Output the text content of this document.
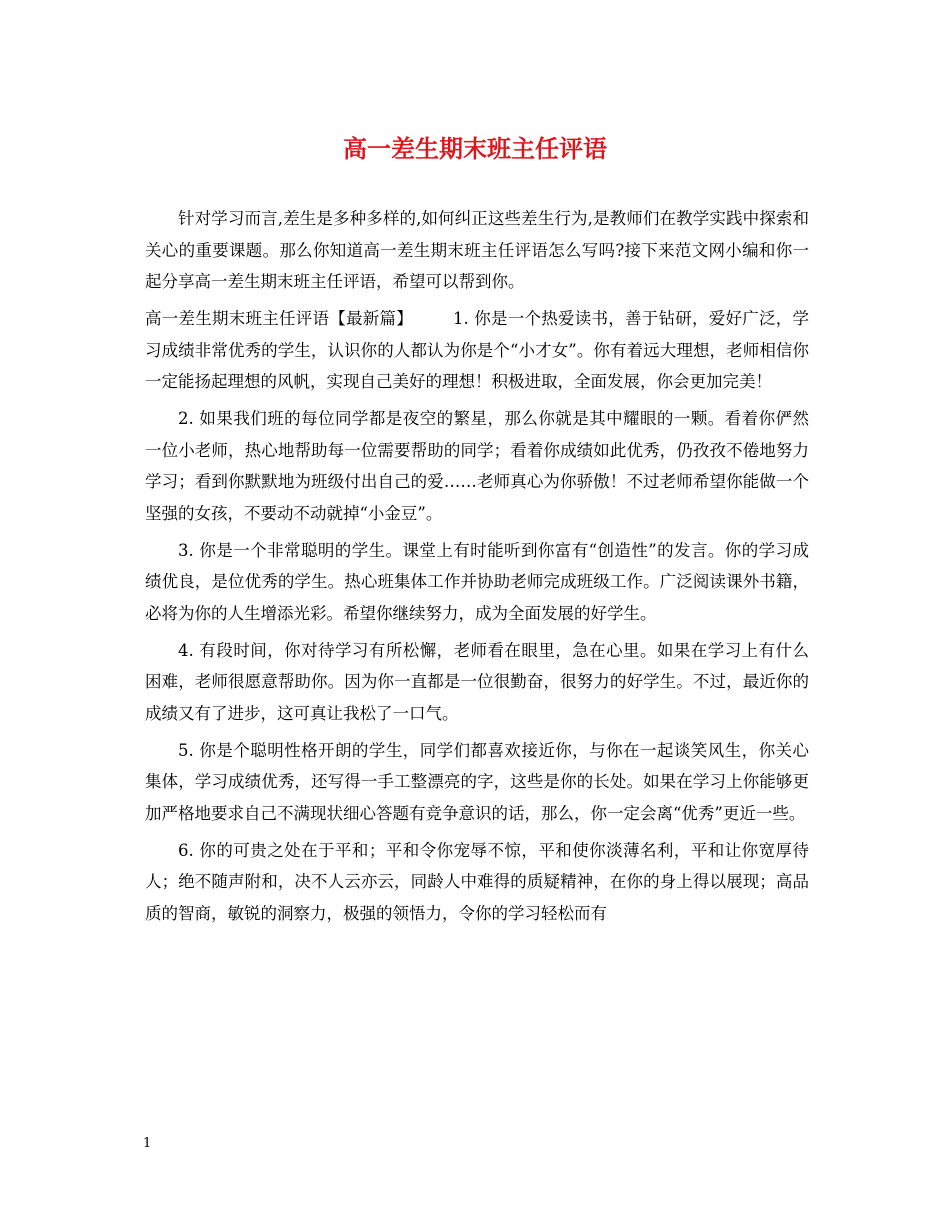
高一差生期末班主任评语

针对学习而言,差生是多种多样的,如何纠正这些差生行为,是教师们在教学实践中探索和关心的重要课题。那么你知道高一差生期末班主任评语怎么写吗?接下来范文网小编和你一起分享高一差生期末班主任评语，希望可以帮到你。

高一差生期末班主任评语【最新篇】 1. 你是一个热爱读书，善于钻研，爱好广泛，学习成绩非常优秀的学生，认识你的人都认为你是个“小才女”。你有着远大理想，老师相信你一定能扬起理想的风帆，实现自己美好的理想！积极进取，全面发展，你会更加完美！

2. 如果我们班的每位同学都是夜空的繁星，那么你就是其中耀眼的一颗。看着你俨然一位小老师，热心地帮助每一位需要帮助的同学；看着你成绩如此优秀，仍孜孜不倦地努力学习；看到你默默地为班级付出自己的爱……老师真心为你骄傲！不过老师希望你能做一个坚强的女孩，不要动不动就掉“小金豆”。

3. 你是一个非常聪明的学生。课堂上有时能听到你富有“创造性”的发言。你的学习成绩优良，是位优秀的学生。热心班集体工作并协助老师完成班级工作。广泛阅读课外书籍，必将为你的人生增添光彩。希望你继续努力，成为全面发展的好学生。

4. 有段时间，你对待学习有所松懈，老师看在眼里，急在心里。如果在学习上有什么困难，老师很愿意帮助你。因为你一直都是一位很勤奋，很努力的好学生。不过，最近你的成绩又有了进步，这可真让我松了一口气。

5. 你是个聪明性格开朗的学生，同学们都喜欢接近你，与你在一起谈笑风生，你关心集体，学习成绩优秀，还写得一手工整漂亮的字，这些是你的长处。如果在学习上你能够更加严格地要求自己不满现状细心答题有竞争意识的话，那么，你一定会离“优秀”更近一些。

6. 你的可贵之处在于平和；平和令你宠辱不惊，平和使你淡薄名利，平和让你宽厚待人；绝不随声附和，决不人云亦云，同龄人中难得的质疑精神，在你的身上得以展现；高品质的智商，敏锐的洞察力，极强的领悟力，令你的学习轻松而有

1
